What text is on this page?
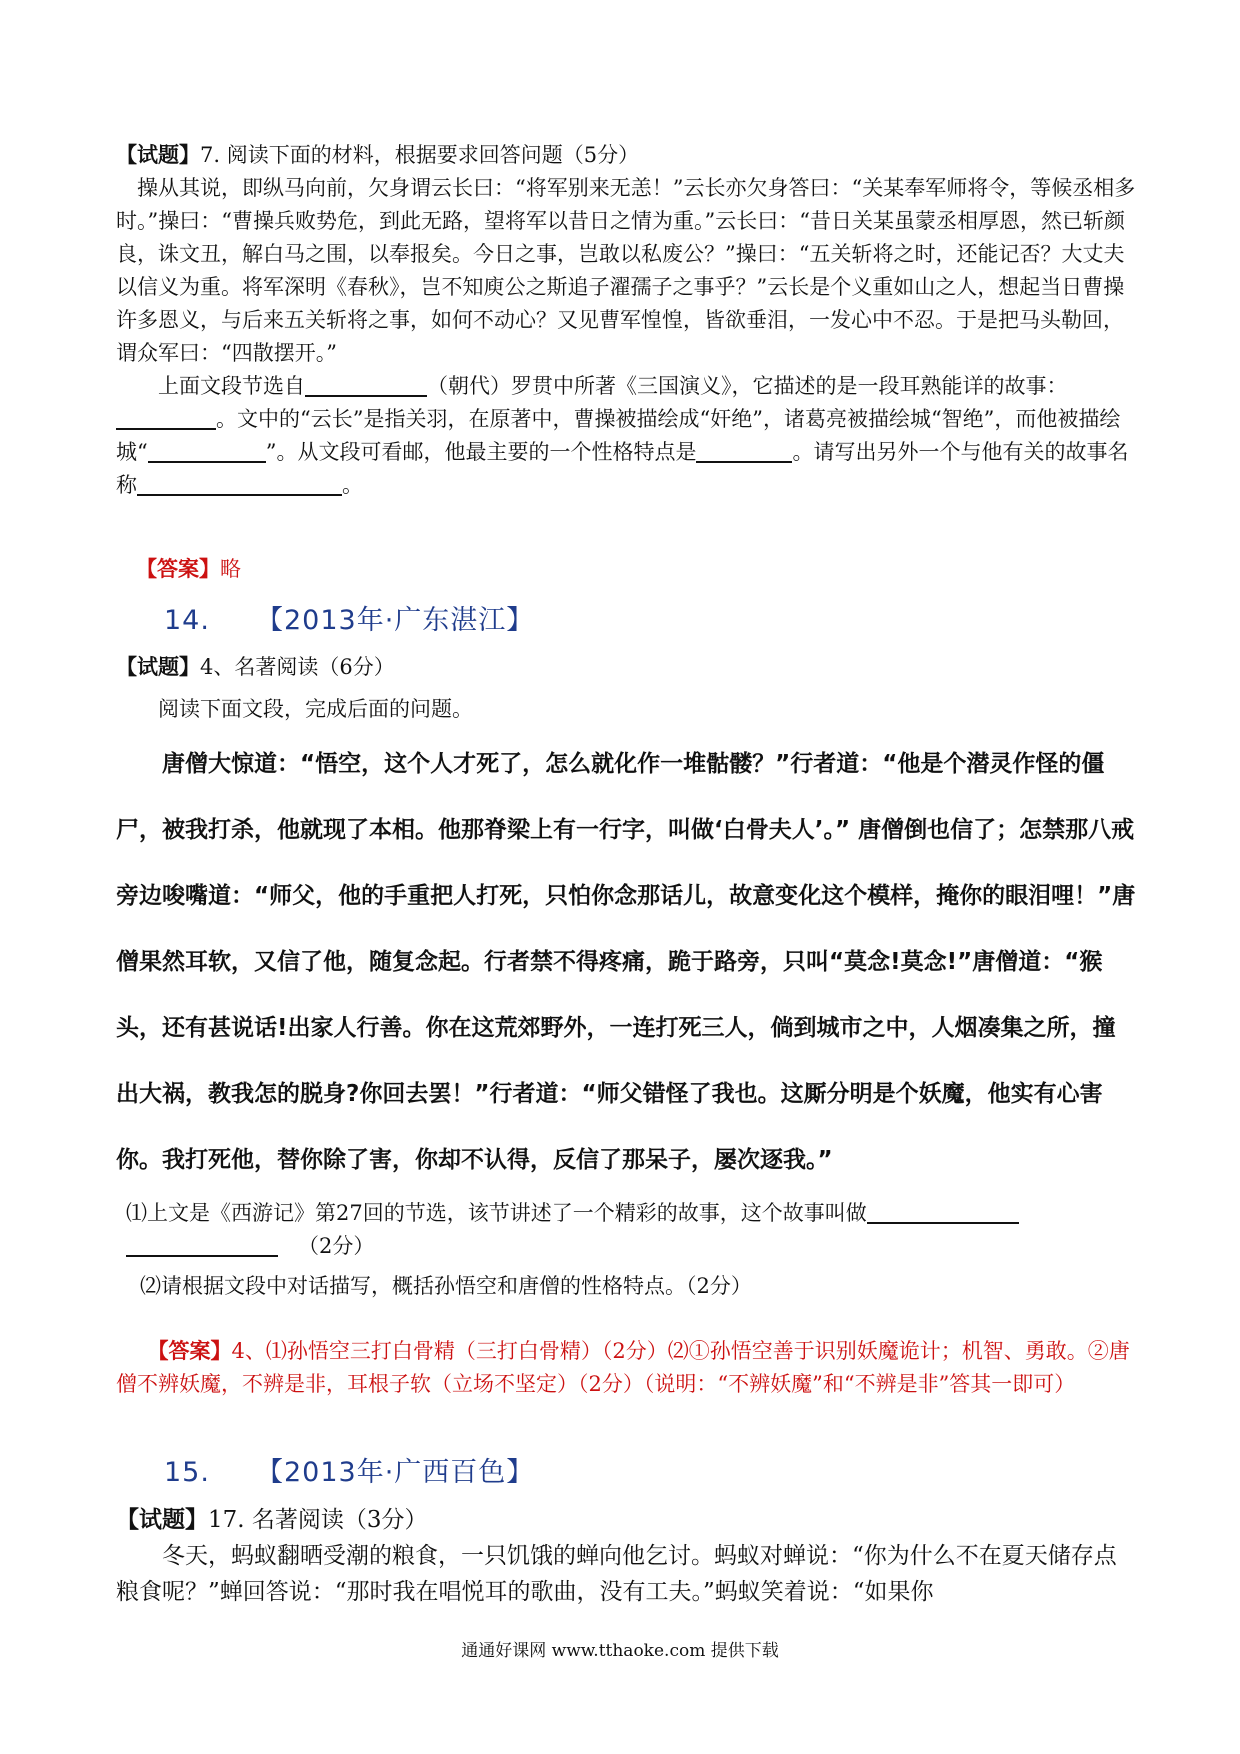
【试题】7. 阅读下面的材料，根据要求回答问题（5分）
操从其说，即纵马向前，欠身谓云长曰：“将军别来无恙！”云长亦欠身答曰：“关某奉军师将令，等候丞相多时。”操曰：“曹操兵败势危，到此无路，望将军以昔日之情为重。”云长曰：“昔日关某虽蒙丞相厚恩，然已斩颜良，诛文丑，解白马之围，以奉报矣。今日之事，岂敢以私废公？”操曰：“五关斩将之时，还能记否？大丈夫以信义为重。将军深明《春秋》，岂不知庾公之斯追子濯孺子之事乎？”云长是个义重如山之人，想起当日曹操许多恩义，与后来五关斩将之事，如何不动心？又见曹军惶惶，皆欲垂泪，一发心中不忍。于是把马头勒回，谓众军曰：“四散摆开。”
上面文段节选自	（朝代）罗贯中所著《三国演义》，它描述的是一段耳熟能详的故事：。文中的“云长”是指关羽，在原著中，曹操被描绘成“奸绝”，诸葛亮被描绘城“智绝”，而他被描绘城“	”。从文段可看邮，他最主要的一个性格特点是	。请写出另外一个与他有关的故事名称	。
【答案】略
14. 【2013年·广东湛江】
【试题】4、名著阅读（6分）
阅读下面文段，完成后面的问题。
唐僧大惊道：“悟空，这个人才死了，怎么就化作一堆骷髅？”行者道：“他是个潜灵作怪的僵尸，被我打杀，他就现了本相。他那脊梁上有一行字，叫做‘白骨夫人’。” 唐僧倒也信了；怎禁那八戒旁边唆嘴道：“师父，他的手重把人打死，只怕你念那话儿，故意变化这个模样，掩你的眼泪哩！”唐僧果然耳软，又信了他，随复念起。行者禁不得疼痛，跪于路旁，只叫“莫念!莫念!”唐僧道：“猴头，还有甚说话!出家人行善。你在这荒郊野外，一连打死三人，倘到城市之中，人烟凑集之所，撞出大祸，教我怎的脱身?你回去罢！”行者道：“师父错怪了我也。这厮分明是个妖魔，他实有心害你。我打死他，替你除了害，你却不认得，反信了那呆子，屡次逐我。”
⑴上文是《西游记》第27回的节选，该节讲述了一个精彩的故事，这个故事叫做
（2分）
⑵请根据文段中对话描写，概括孙悟空和唐僧的性格特点。（2分）
【答案】4、⑴孙悟空三打白骨精（三打白骨精）（2分）⑵①孙悟空善于识别妖魔诡计；机智、勇敢。②唐僧不辨妖魔，不辨是非，耳根子软（立场不坚定）（2分）（说明：“不辨妖魔”和“不辨是非”答其一即可）
15. 【2013年·广西百色】
【试题】17. 名著阅读（3分）
冬天，蚂蚁翻晒受潮的粮食，一只饥饿的蝉向他乞讨。蚂蚁对蝉说：“你为什么不在夏天储存点粮食呢？”蝉回答说：“那时我在唱悦耳的歌曲，没有工夫。”蚂蚁笑着说：“如果你
通通好课网 www.tthaoke.com 提供下载
